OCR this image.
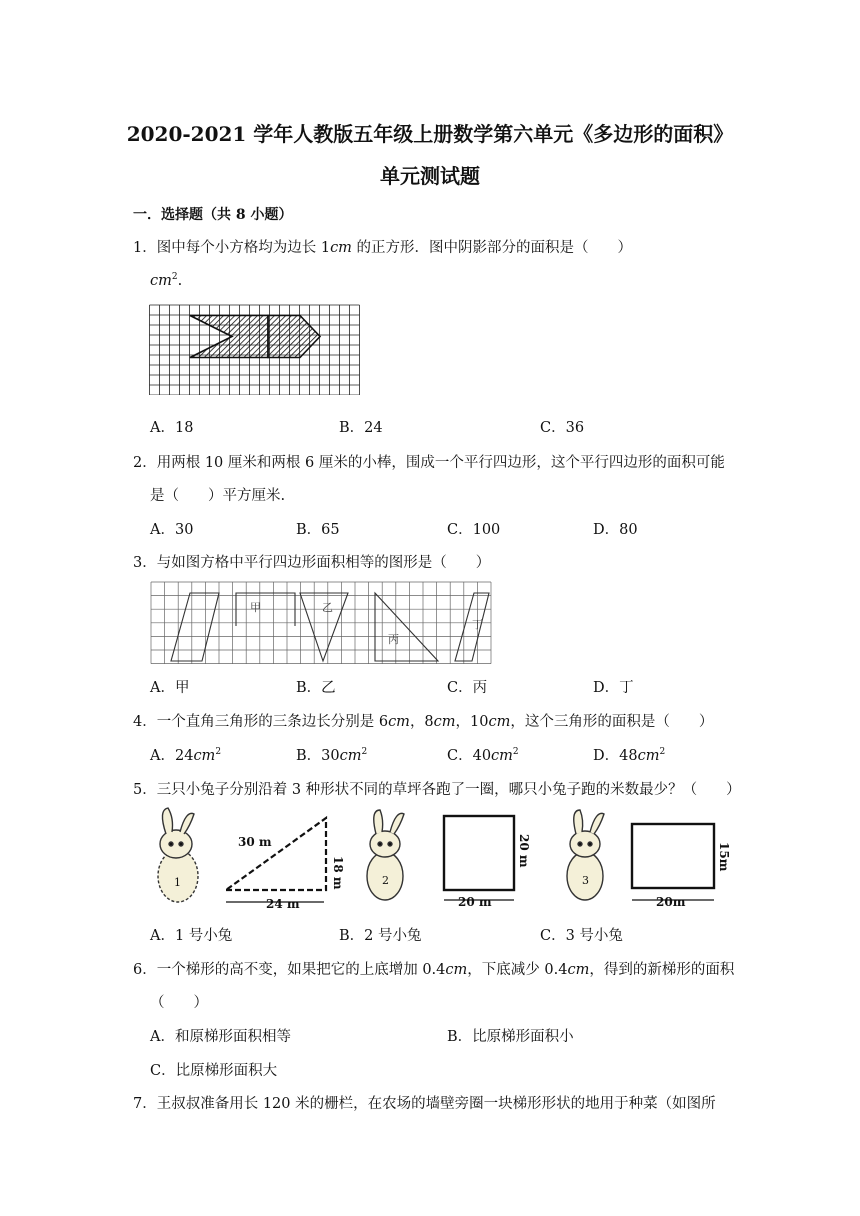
2020-2021 学年人教版五年级上册数学第六单元《多边形的面积》
单元测试题
一．选择题（共 8 小题）
1．图中每个小方格均为边长 1cm 的正方形．图中阴影部分的面积是（　　）
$cm^2$.
A．18	B．24	C．36
2．用两根 10 厘米和两根 6 厘米的小棒，围成一个平行四边形，这个平行四边形的面积可能
是（　　）平方厘米.
A．30	B．65	C．100	D．80
3．与如图方格中平行四边形面积相等的图形是（　　）
甲	乙
丙
丁
A．甲	B．乙	C．丙	D．丁
4．一个直角三角形的三条边长分别是 6cm，8cm，10cm，这个三角形的面积是（　　）
A．$24cm^2$	B．$30cm^2$	C．$40cm^2$	D．$48cm^2$
5．三只小兔子分别沿着 3 种形状不同的草坪各跑了一圈，哪只小兔子跑的米数最少？（　　）
1
30 m
18 m
24 m
2
20 m
20 m
3
15m
20m
A．1 号小兔	B．2 号小兔	C．3 号小兔
6．一个梯形的高不变，如果把它的上底增加 0.4cm，下底减少 0.4cm，得到的新梯形的面积
（　　）
A．和原梯形面积相等	B．比原梯形面积小
C．比原梯形面积大
7．王叔叔准备用长 120 米的栅栏，在农场的墙壁旁圈一块梯形形状的地用于种菜（如图所
